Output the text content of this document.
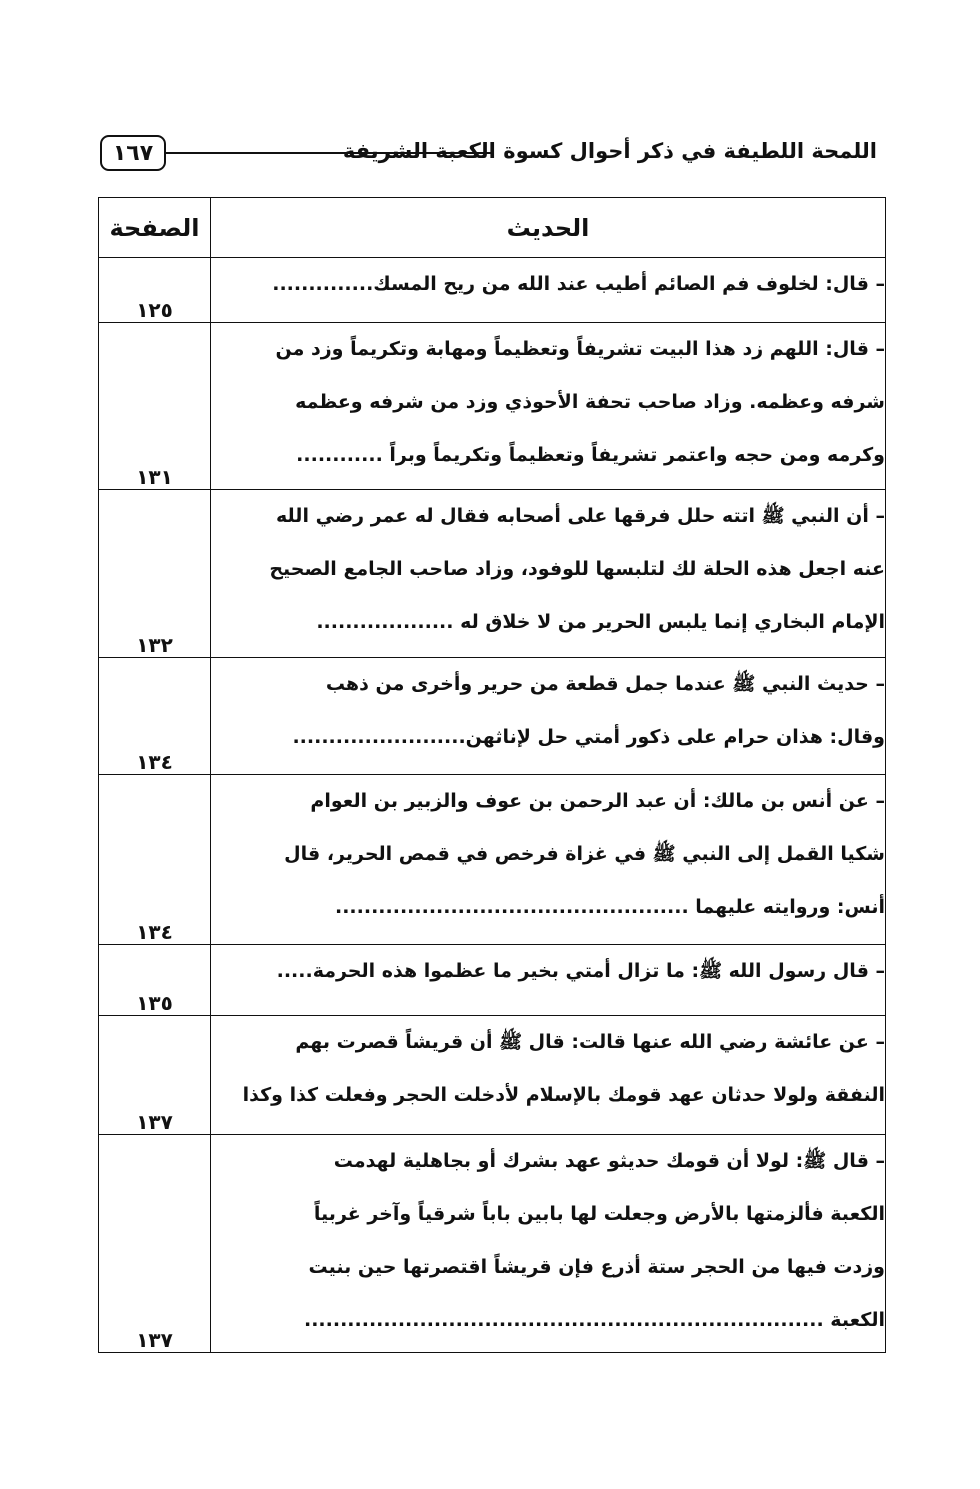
١٦٧	اللمحة اللطيفة في ذكر أحوال كسوة الكعبة الشريفة
الحديث	الصفحة

– قال: لخلوف فم الصائم أطيب عند الله من ريح المسك..............	١٢٥

– قال: اللهم زد هذا البيت تشريفاً وتعظيماً ومهابة وتكريماً وزد من

شرفه وعظمه. وزاد صاحب تحفة الأحوذي وزد من شرفه وعظمه

وكرمه ومن حجه واعتمر تشريفاً وتعظيماً وتكريماً وبراً ............	١٣١

– أن النبي ﷺ اتته حلل فرقها على أصحابه فقال له عمر رضي الله

عنه اجعل هذه الحلة لك لتلبسها للوفود، وزاد صاحب الجامع الصحيح

الإمام البخاري إنما يلبس الحرير من لا خلاق له ...................	١٣٢

– حديث النبي ﷺ عندما جمل قطعة من حرير وأخرى من ذهب

وقال: هذان حرام على ذكور أمتي حل لإناثهن........................	١٣٤

– عن أنس بن مالك: أن عبد الرحمن بن عوف والزبير بن العوام

شكيا القمل إلى النبي ﷺ في غزاة فرخص في قمص الحرير، قال

أنس: وروايته عليهما .................................................	١٣٤

– قال رسول الله ﷺ: ما تزال أمتي بخير ما عظموا هذه الحرمة.....	١٣٥

– عن عائشة رضي الله عنها قالت: قال ﷺ أن قريشاً قصرت بهم

النفقة ولولا حدثان عهد قومك بالإسلام لأدخلت الحجر وفعلت كذا وكذا	١٣٧

– قال ﷺ: لولا أن قومك حديثو عهد بشرك أو بجاهلية لهدمت

الكعبة فألزمتها بالأرض وجعلت لها بابين باباً شرقياً وآخر غربياً

وزدت فيها من الحجر ستة أذرع فإن قريشاً اقتصرتها حين بنيت

الكعبة ........................................................................	١٣٧
